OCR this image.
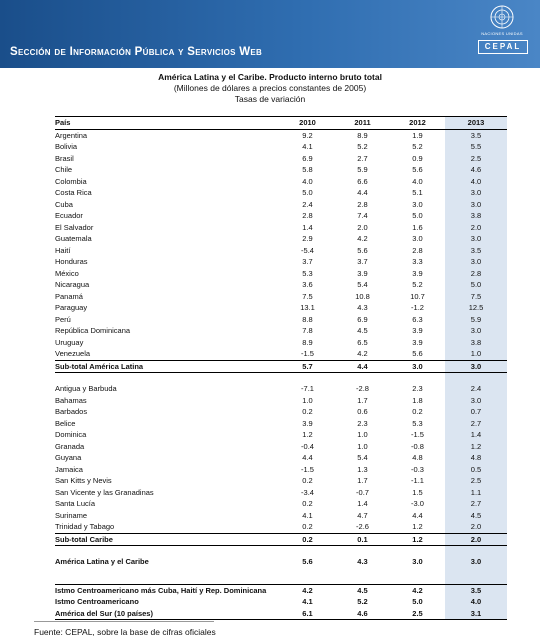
NACIONES UNIDAS
CEPAL
Sección de Información Pública y Servicios Web
América Latina y el Caribe. Producto interno bruto total
(Millones de dólares a precios constantes de 2005)
Tasas de variación
País	2010	2011	2012	2013
Argentina	9.2	8.9	1.9	3.5
Bolivia	4.1	5.2	5.2	5.5
Brasil	6.9	2.7	0.9	2.5
Chile	5.8	5.9	5.6	4.6
Colombia	4.0	6.6	4.0	4.0
Costa Rica	5.0	4.4	5.1	3.0
Cuba	2.4	2.8	3.0	3.0
Ecuador	2.8	7.4	5.0	3.8
El Salvador	1.4	2.0	1.6	2.0
Guatemala	2.9	4.2	3.0	3.0
Haití	-5.4	5.6	2.8	3.5
Honduras	3.7	3.7	3.3	3.0
México	5.3	3.9	3.9	2.8
Nicaragua	3.6	5.4	5.2	5.0
Panamá	7.5	10.8	10.7	7.5
Paraguay	13.1	4.3	-1.2	12.5
Perú	8.8	6.9	6.3	5.9
República Dominicana	7.8	4.5	3.9	3.0
Uruguay	8.9	6.5	3.9	3.8
Venezuela	-1.5	4.2	5.6	1.0
Sub-total América Latina	5.7	4.4	3.0	3.0

Antigua y Barbuda	-7.1	-2.8	2.3	2.4
Bahamas	1.0	1.7	1.8	3.0
Barbados	0.2	0.6	0.2	0.7
Belice	3.9	2.3	5.3	2.7
Dominica	1.2	1.0	-1.5	1.4
Granada	-0.4	1.0	-0.8	1.2
Guyana	4.4	5.4	4.8	4.8
Jamaica	-1.5	1.3	-0.3	0.5
San Kitts y Nevis	0.2	1.7	-1.1	2.5
San Vicente y las Granadinas	-3.4	-0.7	1.5	1.1
Santa Lucía	0.2	1.4	-3.0	2.7
Suriname	4.1	4.7	4.4	4.5
Trinidad y Tabago	0.2	-2.6	1.2	2.0
Sub-total Caribe	0.2	0.1	1.2	2.0

América Latina y el Caribe	5.6	4.3	3.0	3.0

Istmo Centroamericano más Cuba, Haití y Rep. Dominicana	4.2	4.5	4.2	3.5
Istmo Centroamericano	4.1	5.2	5.0	4.0
América del Sur (10 países)	6.1	4.6	2.5	3.1
Fuente: CEPAL, sobre la base de cifras oficiales
